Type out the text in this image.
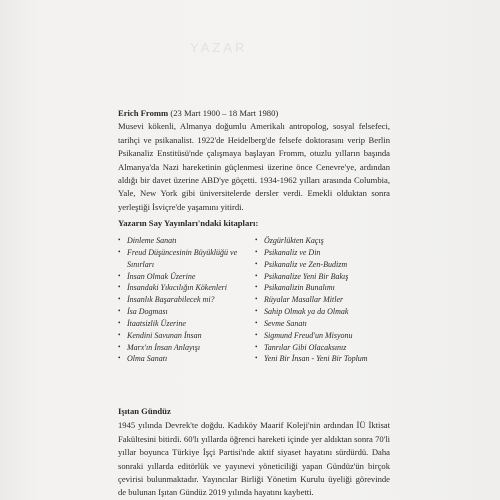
YAZAR

Erich Fromm (23 Mart 1900 – 18 Mart 1980)

Musevi kökenli, Almanya doğumlu Amerikalı antropolog, sosyal felsefeci, tarihçi ve psikanalist. 1922'de Heidelberg'de felsefe doktorasını verip Berlin Psikanaliz Enstitüsü'nde çalışmaya başlayan Fromm, otuzlu yılların başında Almanya'da Nazi hareketinin güçlenmesi üzerine önce Cenevre'ye, ardından aldığı bir davet üzerine ABD'ye göçetti. 1934-1962 yılları arasında Columbia, Yale, New York gibi üniversitelerde dersler verdi. Emekli olduktan sonra yerleştiği İsviçre'de yaşamını yitirdi.

Yazarın Say Yayınları'ndaki kitapları:
• Dinleme Sanatı
• Freud Düşüncesinin Büyüklüğü ve Sınırları
• İnsan Olmak Üzerine
• İnsandaki Yıkıcılığın Kökenleri
• İnsanlık Başarabilecek mi?
• İsa Dogması
• İtaatsizlik Üzerine
• Kendini Savunan İnsan
• Marx'ın İnsan Anlayışı
• Olma Sanatı
• Özgürlükten Kaçış
• Psikanaliz ve Din
• Psikanaliz ve Zen-Budizm
• Psikanalize Yeni Bir Bakış
• Psikanalizin Bunalımı
• Rüyalar Masallar Mitler
• Sahip Olmak ya da Olmak
• Sevme Sanatı
• Sigmund Freud'un Misyonu
• Tanrılar Gibi Olacaksınız
• Yeni Bir İnsan - Yeni Bir Toplum
Işıtan Gündüz

1945 yılında Devrek'te doğdu. Kadıköy Maarif Koleji'nin ardından İÜ İktisat Fakültesini bitirdi. 60'lı yıllarda öğrenci hareketi içinde yer aldıktan sonra 70'li yıllar boyunca Türkiye İşçi Partisi'nde aktif siyaset hayatını sürdürdü. Daha sonraki yıllarda editörlük ve yayınevi yöneticiliği yapan Gündüz'ün birçok çevirisi bulunmaktadır. Yayıncılar Birliği Yönetim Kurulu üyeliği görevinde de bulunan Işıtan Gündüz 2019 yılında hayatını kaybetti.
